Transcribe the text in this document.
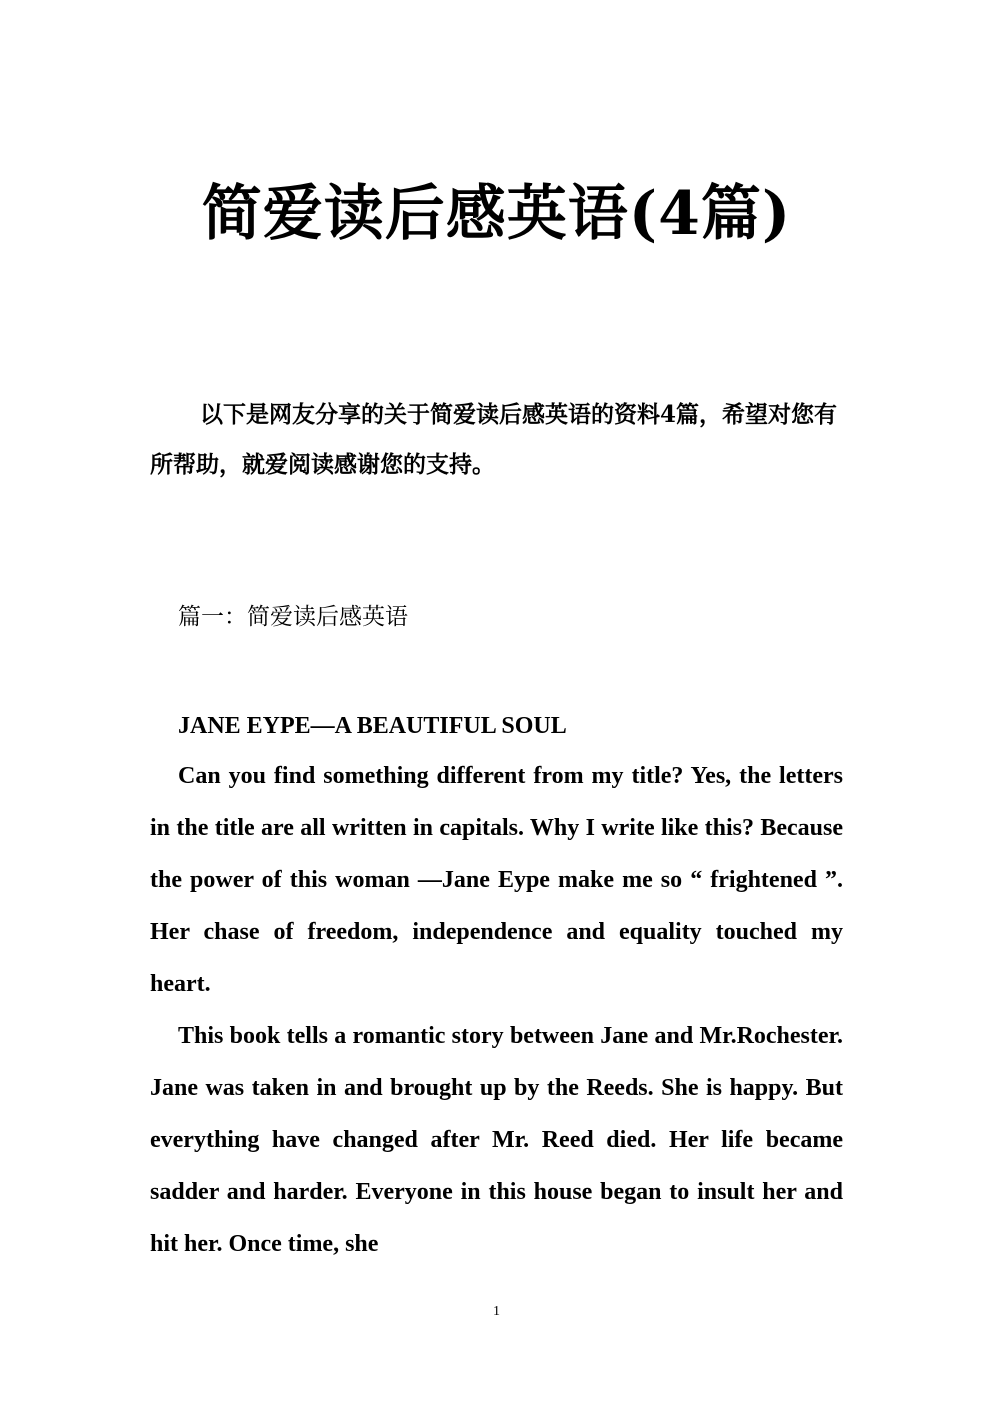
简爱读后感英语(4篇)

以下是网友分享的关于简爱读后感英语的资料4篇，希望对您有所帮助，就爱阅读感谢您的支持。

篇一：简爱读后感英语
JANE EYPE—A BEAUTIFUL SOUL

Can you find something different from my title? Yes, the letters in the title are all written in capitals. Why I write like this? Because the power of this woman —Jane Eype make me so “ frightened ”. Her chase of freedom, independence and equality touched my heart.

This book tells a romantic story between Jane and Mr.Rochester. Jane was taken in and brought up by the Reeds. She is happy. But everything have changed after Mr. Reed died. Her life became sadder and harder. Everyone in this house began to insult her and hit her. Once time, she

1
